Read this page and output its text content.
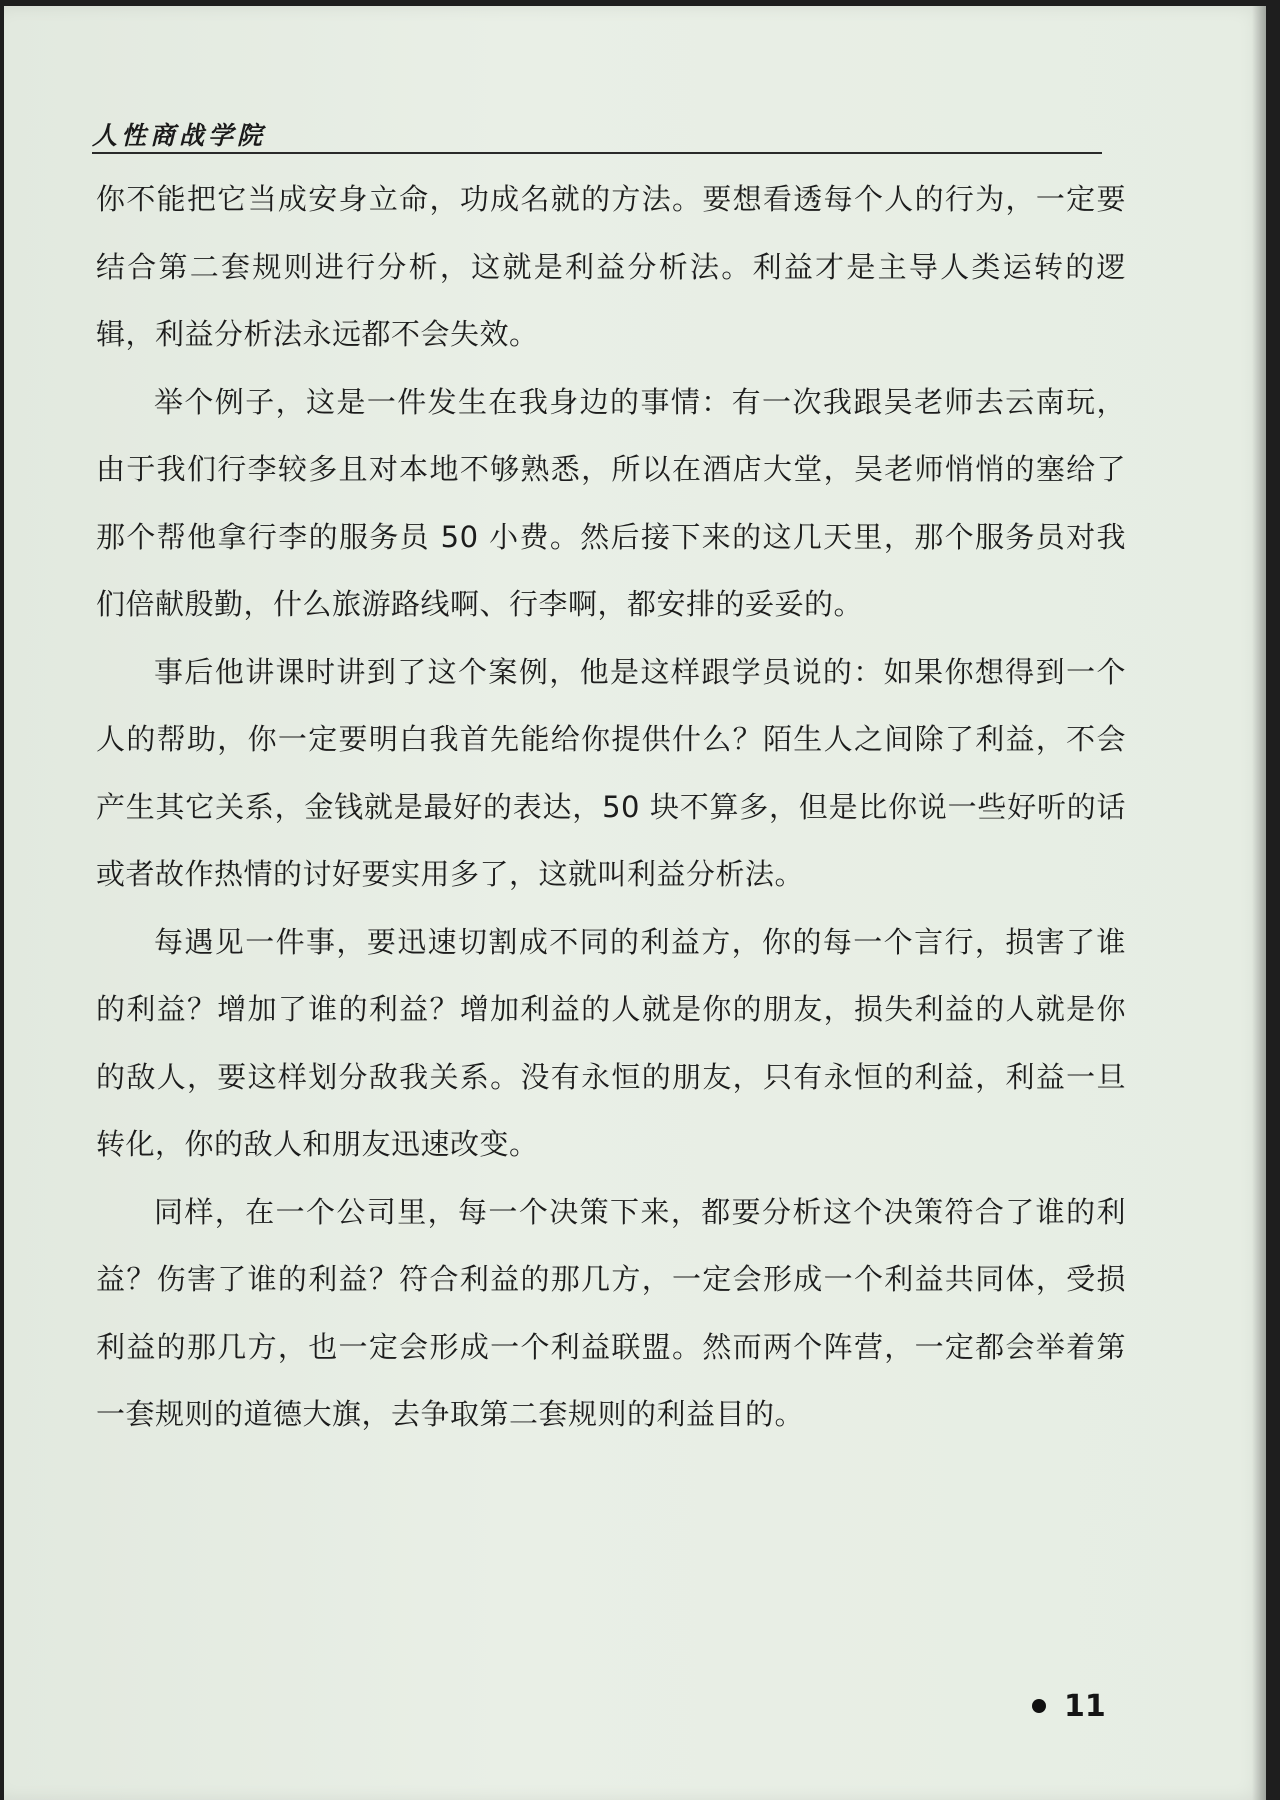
人性商战学院

你不能把它当成安身立命，功成名就的方法。要想看透每个人的行为，一定要结合第二套规则进行分析，这就是利益分析法。利益才是主导人类运转的逻辑，利益分析法永远都不会失效。

举个例子，这是一件发生在我身边的事情：有一次我跟吴老师去云南玩，由于我们行李较多且对本地不够熟悉，所以在酒店大堂，吴老师悄悄的塞给了那个帮他拿行李的服务员 50 小费。然后接下来的这几天里，那个服务员对我们倍献殷勤，什么旅游路线啊、行李啊，都安排的妥妥的。

事后他讲课时讲到了这个案例，他是这样跟学员说的：如果你想得到一个人的帮助，你一定要明白我首先能给你提供什么？陌生人之间除了利益，不会产生其它关系，金钱就是最好的表达，50 块不算多，但是比你说一些好听的话或者故作热情的讨好要实用多了，这就叫利益分析法。

每遇见一件事，要迅速切割成不同的利益方，你的每一个言行，损害了谁的利益？增加了谁的利益？增加利益的人就是你的朋友，损失利益的人就是你的敌人，要这样划分敌我关系。没有永恒的朋友，只有永恒的利益，利益一旦转化，你的敌人和朋友迅速改变。

同样，在一个公司里，每一个决策下来，都要分析这个决策符合了谁的利益？伤害了谁的利益？符合利益的那几方，一定会形成一个利益共同体，受损利益的那几方，也一定会形成一个利益联盟。然而两个阵营，一定都会举着第一套规则的道德大旗，去争取第二套规则的利益目的。

11
